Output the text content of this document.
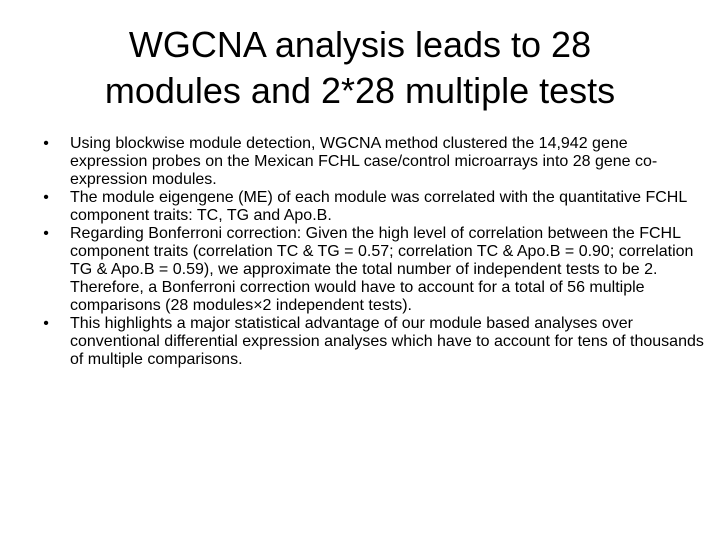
WGCNA analysis leads to 28
modules and 2*28 multiple tests
•	Using blockwise module detection, WGCNA method clustered the 14,942 gene expression probes on the Mexican FCHL case/control microarrays into 28 gene co-expression modules.
•	The module eigengene (ME) of each module was correlated with the quantitative FCHL component traits: TC, TG and Apo.B.
•	Regarding Bonferroni correction: Given the high level of correlation between the FCHL component traits (correlation TC & TG = 0.57; correlation TC & Apo.B = 0.90; correlation TG & Apo.B = 0.59), we approximate the total number of independent tests to be 2. Therefore, a Bonferroni correction would have to account for a total of 56 multiple comparisons (28 modules×2 independent tests).
•	This highlights a major statistical advantage of our module based analyses over conventional differential expression analyses which have to account for tens of thousands of multiple comparisons.
